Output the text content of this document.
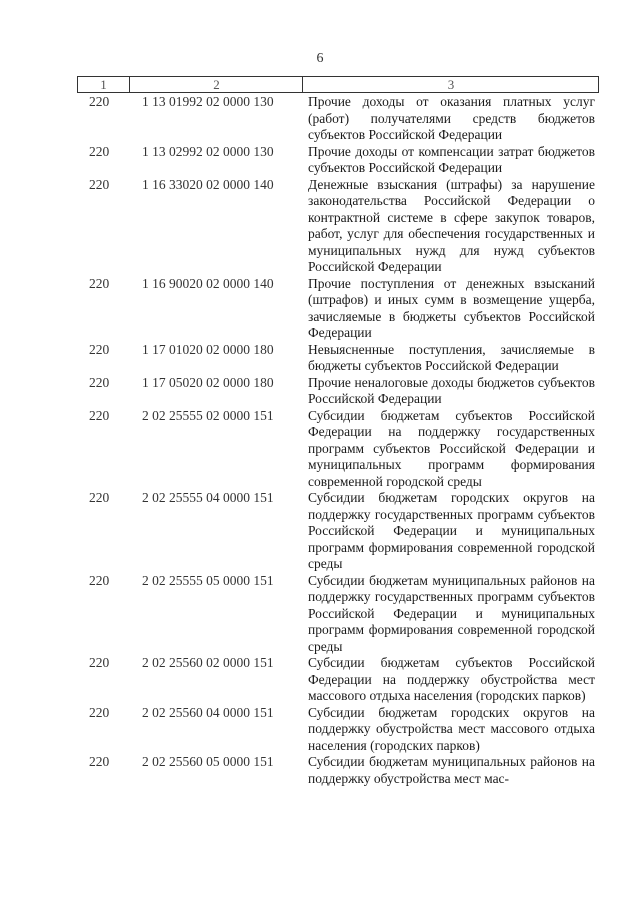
6
1	2	3
220	1 13 01992 02 0000 130	Прочие доходы от оказания платных услуг (работ) получателями средств бюджетов субъектов Российской Федерации
220	1 13 02992 02 0000 130	Прочие доходы от компенсации затрат бюджетов субъектов Российской Федерации
220	1 16 33020 02 0000 140	Денежные взыскания (штрафы) за нарушение законодательства Российской Федерации о контрактной системе в сфере закупок товаров, работ, услуг для обеспечения государственных и муниципальных нужд для нужд субъектов Российской Федерации
220	1 16 90020 02 0000 140	Прочие поступления от денежных взысканий (штрафов) и иных сумм в возмещение ущерба, зачисляемые в бюджеты субъектов Российской Федерации
220	1 17 01020 02 0000 180	Невыясненные поступления, зачисляемые в бюджеты субъектов Российской Федерации
220	1 17 05020 02 0000 180	Прочие неналоговые доходы бюджетов субъектов Российской Федерации
220	2 02 25555 02 0000 151	Субсидии бюджетам субъектов Российской Федерации на поддержку государственных программ субъектов Российской Федерации и муниципальных программ формирования современной городской среды
220	2 02 25555 04 0000 151	Субсидии бюджетам городских округов на поддержку государственных программ субъектов Российской Федерации и муниципальных программ формирования современной городской среды
220	2 02 25555 05 0000 151	Субсидии бюджетам муниципальных районов на поддержку государственных программ субъектов Российской Федерации и муниципальных программ формирования современной городской среды
220	2 02 25560 02 0000 151	Субсидии бюджетам субъектов Российской Федерации на поддержку обустройства мест массового отдыха населения (городских парков)
220	2 02 25560 04 0000 151	Субсидии бюджетам городских округов на поддержку обустройства мест массового отдыха населения (городских парков)
220	2 02 25560 05 0000 151	Субсидии бюджетам муниципальных районов на поддержку обустройства мест мас-
